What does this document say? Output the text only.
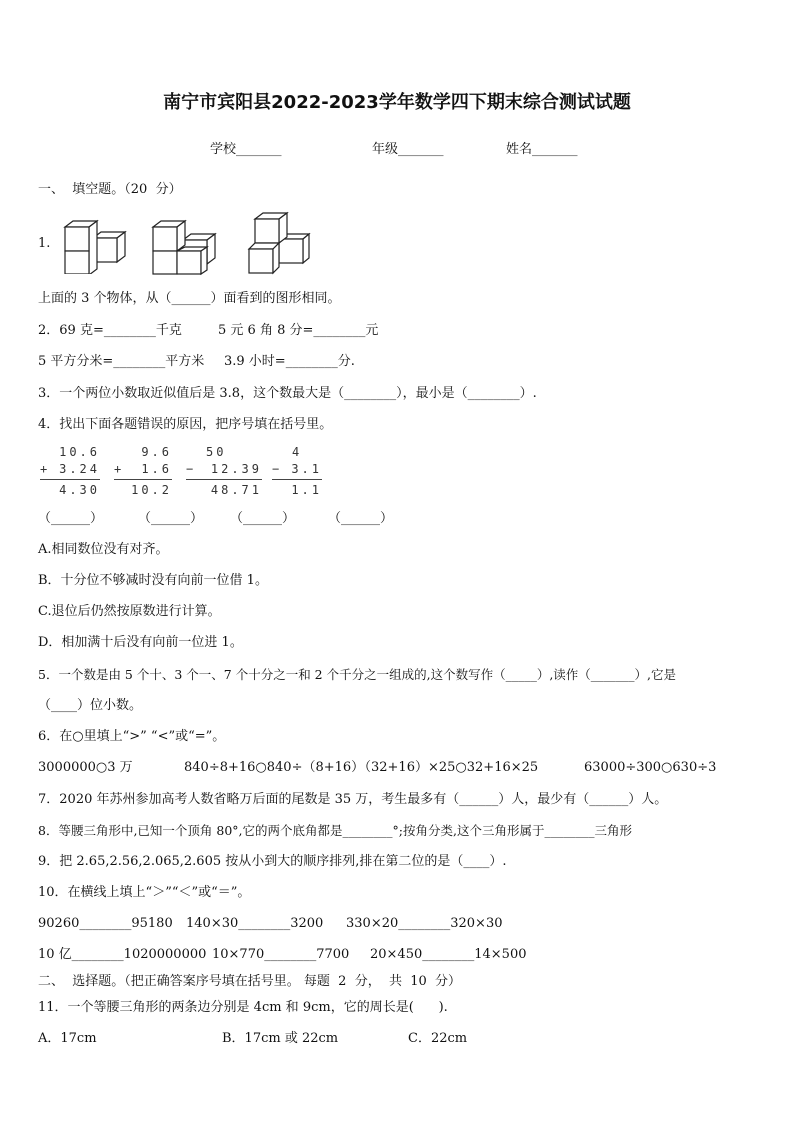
南宁市宾阳县2022-2023学年数学四下期末综合测试试题
学校_______	年级_______	姓名_______
一、  填空题。（20  分）
1.
上面的 3 个物体，从（______）面看到的图形相同。
2．69 克=________千克	5 元 6 角 8 分=________元
5 平方分米=________平方米 3.9 小时=________分.
3．一个两位小数取近似值后是 3.8，这个数最大是（________），最小是（________）.
4．找出下面各题错误的原因，把序号填在括号里。
10.6
+ 3.24
4.30
9.6
+ 1.6
10.2
50
− 12.39
48.71
4
− 3.1
1.1
（______）	（______） （______）	（______）
A.相同数位没有对齐。
B．十分位不够减时没有向前一位借 1。
C.退位后仍然按原数进行计算。
D．相加满十后没有向前一位进 1。
5．一个数是由 5 个十、3 个一、7 个十分之一和 2 个千分之一组成的,这个数写作（_____）,读作（_______）,它是
（____）位小数。
6．在○里填上“>” “<”或“=”。
3000000○3 万	840÷8+16○840÷（8+16）
（32+16）×25○32+16×25	63000÷300○630÷3
7．2020 年苏州参加高考人数省略万后面的尾数是 35 万，考生最多有（______）人，最少有（______）人。
8．等腰三角形中,已知一个顶角 80°,它的两个底角都是________°;按角分类,这个三角形属于________三角形
9．把 2.65,2.56,2.065,2.605 按从小到大的顺序排列,排在第二位的是（____）.
10．在横线上填上“＞”“＜”或“＝”。
90260________95180 140×30________3200 330×20________320×30
10 亿________1020000000 10×770________7700 20×450________14×500
二、  选择题。（把正确答案序号填在括号里。 每题  2  分，  共  10  分）
11．一个等腰三角形的两条边分别是 4cm 和 9cm，它的周长是(      ).
A．17cm	B．17cm 或 22cm	C．22cm
